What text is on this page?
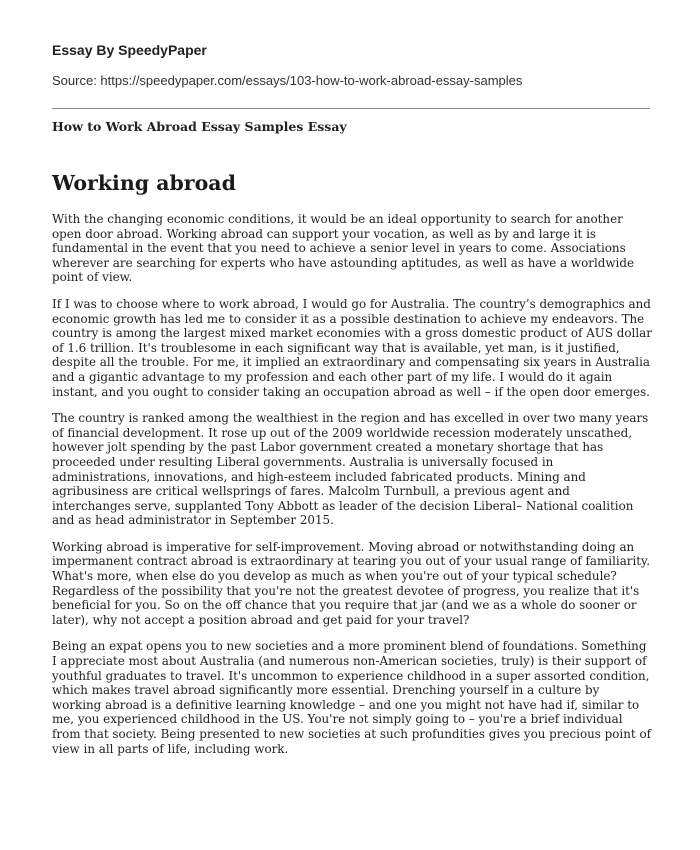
Essay By SpeedyPaper
Source: https://speedypaper.com/essays/103-how-to-work-abroad-essay-samples
How to Work Abroad Essay Samples Essay
Working abroad

With the changing economic conditions, it would be an ideal opportunity to search for another open door abroad. Working abroad can support your vocation, as well as by and large it is fundamental in the event that you need to achieve a senior level in years to come. Associations wherever are searching for experts who have astounding aptitudes, as well as have a worldwide point of view.

If I was to choose where to work abroad, I would go for Australia. The country’s demographics and economic growth has led me to consider it as a possible destination to achieve my endeavors. The country is among the largest mixed market economies with a gross domestic product of AUS dollar of 1.6 trillion. It's troublesome in each significant way that is available, yet man, is it justified, despite all the trouble. For me, it implied an extraordinary and compensating six years in Australia and a gigantic advantage to my profession and each other part of my life. I would do it again instant, and you ought to consider taking an occupation abroad as well – if the open door emerges.

The country is ranked among the wealthiest in the region and has excelled in over two many years of financial development. It rose up out of the 2009 worldwide recession moderately unscathed, however jolt spending by the past Labor government created a monetary shortage that has proceeded under resulting Liberal governments. Australia is universally focused in administrations, innovations, and high-esteem included fabricated products. Mining and agribusiness are critical wellsprings of fares. Malcolm Turnbull, a previous agent and interchanges serve, supplanted Tony Abbott as leader of the decision Liberal– National coalition and as head administrator in September 2015.

Working abroad is imperative for self-improvement. Moving abroad or notwithstanding doing an impermanent contract abroad is extraordinary at tearing you out of your usual range of familiarity. What's more, when else do you develop as much as when you're out of your typical schedule? Regardless of the possibility that you're not the greatest devotee of progress, you realize that it's beneficial for you. So on the off chance that you require that jar (and we as a whole do sooner or later), why not accept a position abroad and get paid for your travel?

Being an expat opens you to new societies and a more prominent blend of foundations. Something I appreciate most about Australia (and numerous non-American societies, truly) is their support of youthful graduates to travel. It's uncommon to experience childhood in a super assorted condition, which makes travel abroad significantly more essential. Drenching yourself in a culture by working abroad is a definitive learning knowledge – and one you might not have had if, similar to me, you experienced childhood in the US. You're not simply going to – you're a brief individual from that society. Being presented to new societies at such profundities gives you precious point of view in all parts of life, including work.
